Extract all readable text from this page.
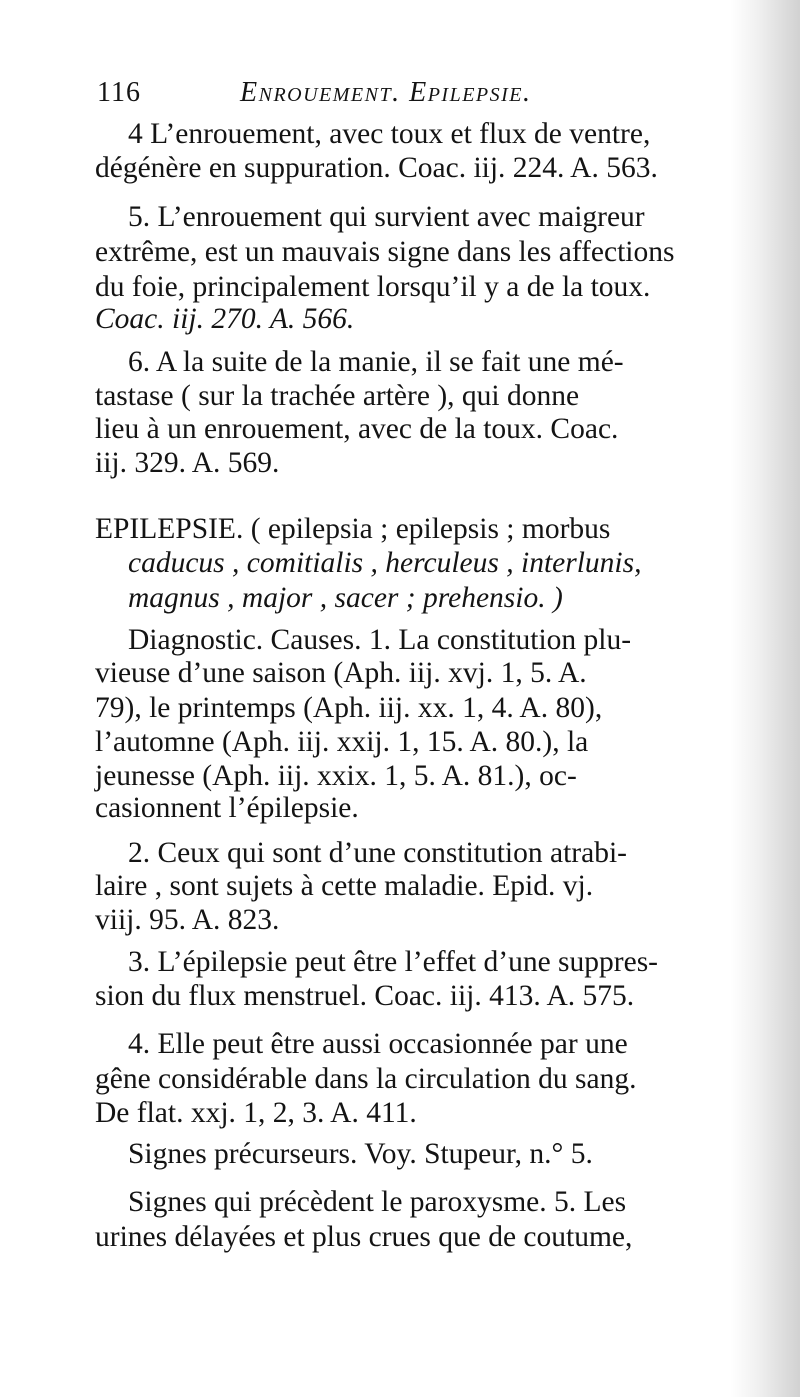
116	Enrouement. Epilepsie.
4 L’enrouement, avec toux et flux de ventre,
dégénère en suppuration. Coac. iij. 224. A. 563.
5. L’enrouement qui survient avec maigreur
extrême, est un mauvais signe dans les affections
du foie, principalement lorsqu’il y a de la toux.
Coac. iij. 270. A. 566.
6. A la suite de la manie, il se fait une mé-
tastase ( sur la trachée artère ), qui donne
lieu à un enrouement, avec de la toux. Coac.
iij. 329. A. 569.
EPILEPSIE. ( epilepsia ; epilepsis ; morbus
caducus , comitialis , herculeus , interlunis,
magnus , major , sacer ; prehensio. )
Diagnostic. Causes. 1. La constitution plu-
vieuse d’une saison (Aph. iij. xvj. 1, 5. A.
79), le printemps (Aph. iij. xx. 1, 4. A. 80),
l’automne (Aph. iij. xxij. 1, 15. A. 80.), la
jeunesse (Aph. iij. xxix. 1, 5. A. 81.), oc-
casionnent l’épilepsie.
2. Ceux qui sont d’une constitution atrabi-
laire , sont sujets à cette maladie. Epid. vj.
viij. 95. A. 823.
3. L’épilepsie peut être l’effet d’une suppres-
sion du flux menstruel. Coac. iij. 413. A. 575.
4. Elle peut être aussi occasionnée par une
gêne considérable dans la circulation du sang.
De flat. xxj. 1, 2, 3. A. 411.
Signes précurseurs. Voy. Stupeur, n.° 5.
Signes qui précèdent le paroxysme. 5. Les
urines délayées et plus crues que de coutume,
